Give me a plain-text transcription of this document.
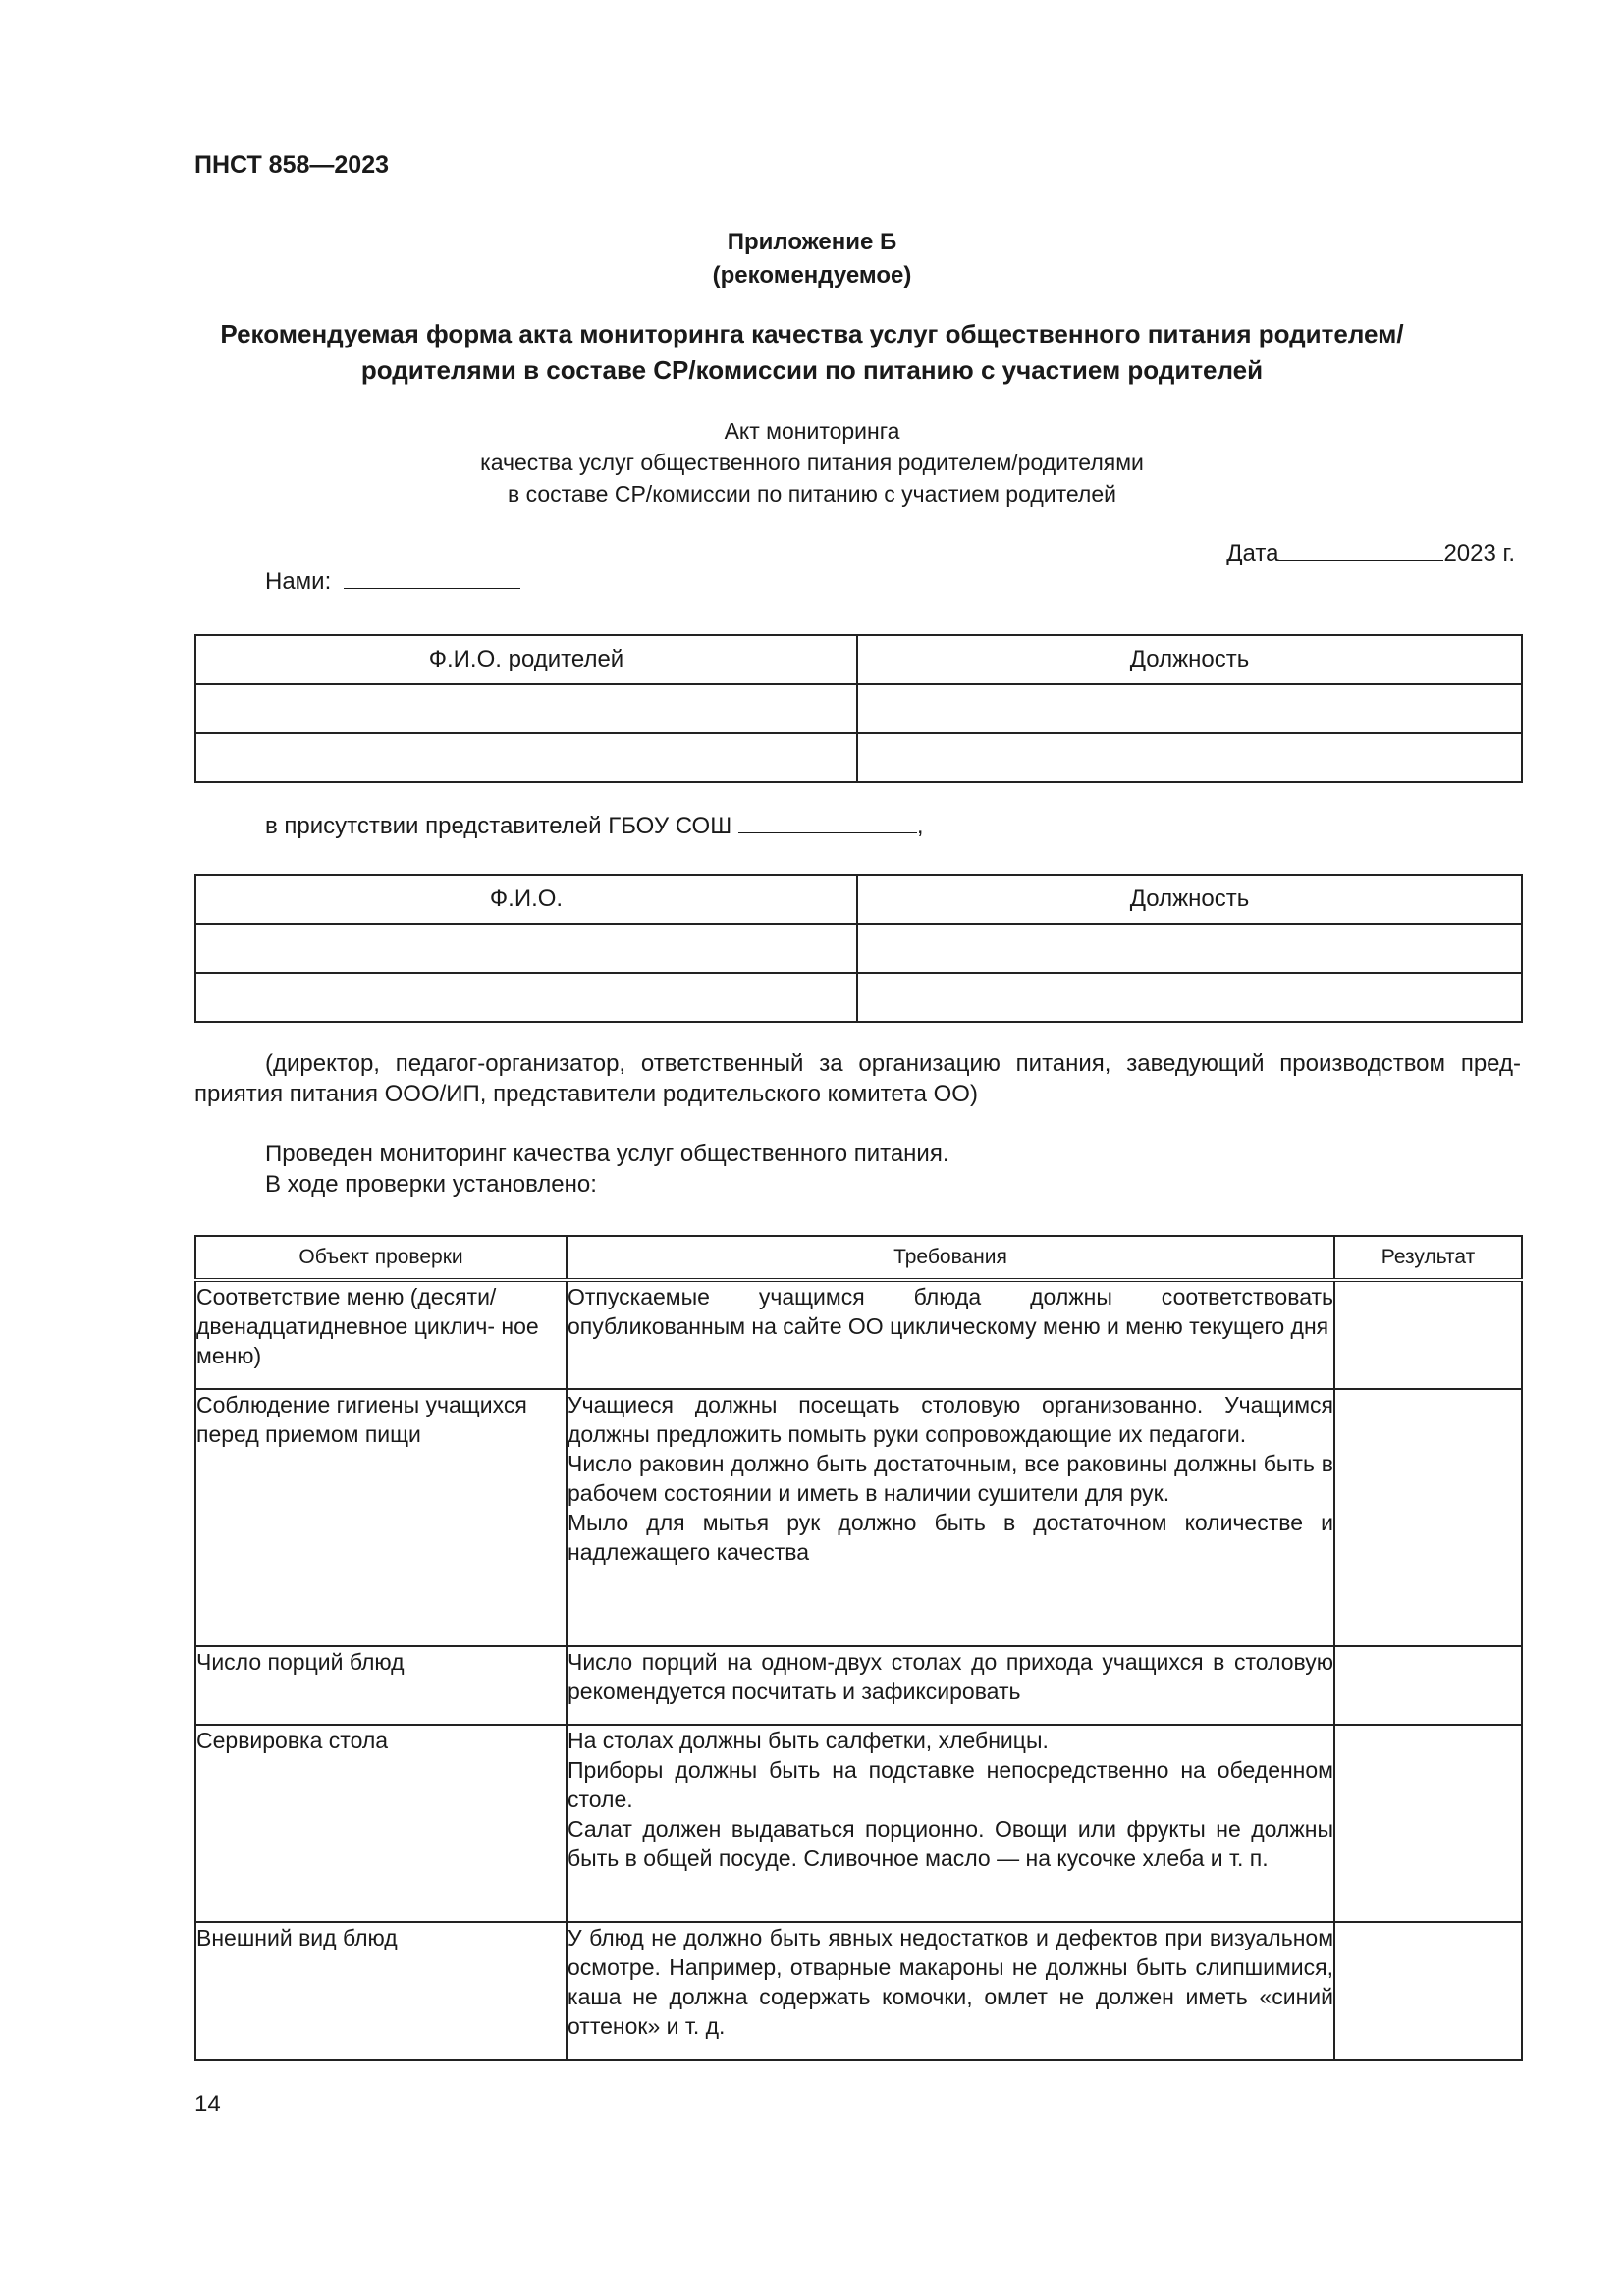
ПНСТ 858—2023
Приложение Б
(рекомендуемое)
Рекомендуемая форма акта мониторинга качества услуг общественного питания родителем/
родителями в составе СР/комиссии по питанию с участием родителей
Акт мониторинга
качества услуг общественного питания родителем/родителями
в составе СР/комиссии по питанию с участием родителей
Дата	2023 г.
Нами:
Ф.И.О. родителей	Должность

в присутствии представителей ГБОУ СОШ	,
Ф.И.О.	Должность

(директор, педагог-организатор, ответственный за организацию питания, заведующий производством пред-
приятия питания ООО/ИП, представители родительского комитета ОО)
Проведен мониторинг качества услуг общественного питания.
В ходе проверки установлено:
Объект проверки	Требования	Результат
Соответствие меню (десяти/ двенадцатидневное циклич- ное меню)	Отпускаемые учащимся блюда должны соответствовать опубликованным на сайте ОО циклическому меню и меню текущего дня	
Соблюдение гигиены учащихся перед приемом пищи	Учащиеся должны посещать столовую организованно. Учащимся должны предложить помыть руки сопровождающие их педагоги.
Число раковин должно быть достаточным, все раковины должны быть в рабочем состоянии и иметь в наличии сушители для рук.
Мыло для мытья рук должно быть в достаточном количестве и надлежащего качества	
Число порций блюд	Число порций на одном-двух столах до прихода учащихся в столовую рекомендуется посчитать и зафиксировать	
Сервировка стола	На столах должны быть салфетки, хлебницы.
Приборы должны быть на подставке непосредственно на обеденном столе.
Салат должен выдаваться порционно. Овощи или фрукты не должны быть в общей посуде. Сливочное масло — на кусочке хлеба и т. п.	
Внешний вид блюд	У блюд не должно быть явных недостатков и дефектов при визуальном осмотре. Например, отварные макароны не должны быть слипшимися, каша не должна содержать комочки, омлет не должен иметь «синий оттенок» и т. д.	
14
